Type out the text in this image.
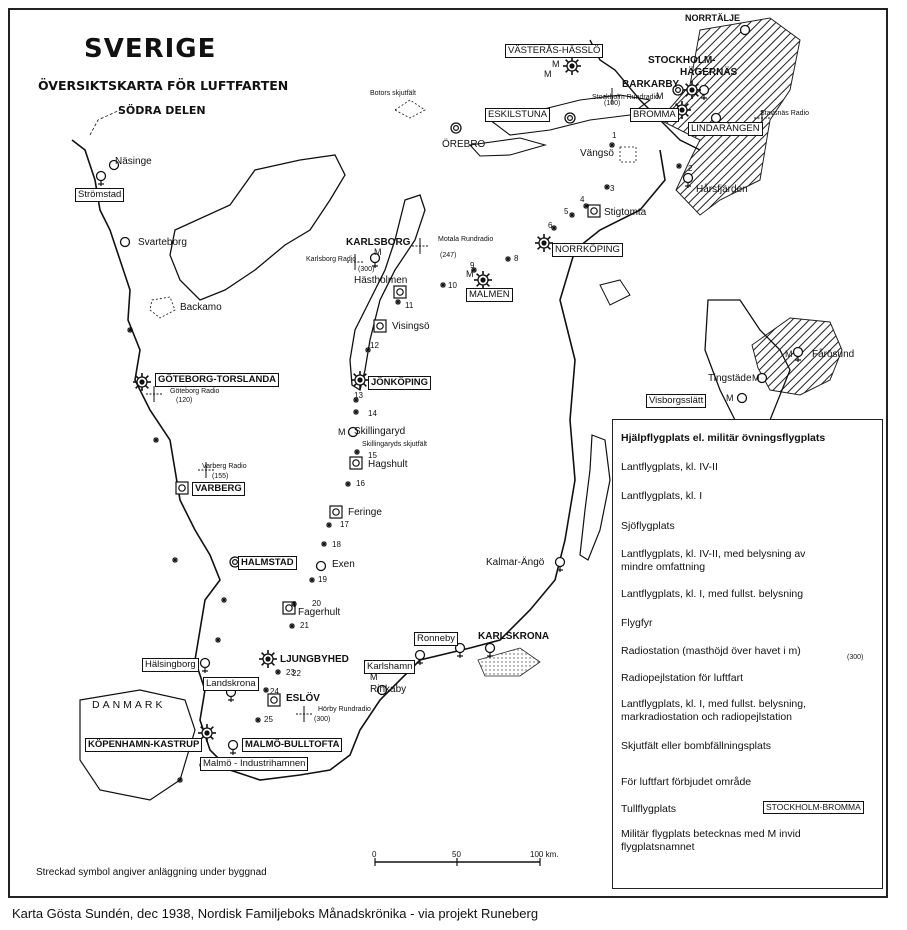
SVERIGE
ÖVERSIKTSKARTA FÖR LUFTFARTEN
SÖDRA DELEN
VÄSTERÅS-HÄSSLÖ
NORRTÄLJE
STOCKHOLM-
HÄGERNÄS
BARKARBY
Stockholm Rundradio
BROMMA	Stavsnäs Radio
LINDARÄNGEN
ESKILSTUNA
ÖREBRO
Botors skjutfält
Vängsö
Hårsfjärden
Stigtomta
NORRKÖPING
Motala Rundradio
(247)
KARLSBORG
Karlsborg Radio
(300)
Hästholmen
MALMEN
Näsinge
Strömstad
Svarteborg
Backamo
Visingsö
GÖTEBORG-TORSLANDA
Göteborg Radio
(120)
JÖNKÖPING
Fårösund
Tingstäde
Visborgsslätt
Skillingaryd
Skillingaryds skjutfält
Hagshult
Varberg Radio
(155)
VARBERG
Feringe
HALMSTAD	Exen	Kalmar-Ängö
Fagerhult
Ronneby	KARLSKRONA
Hälsingborg	LJUNGBYHED
Karlshamn
Rinkaby
DANMARK
Landskrona
ESLÖV
Hörby Rundradio
(300)
KÖPENHAMN-KASTRUP	MALMÖ-BULLTOFTA
Malmö - Industrihamnen
(100)
M
M
M
M
M
M
M
M
M
M
1
2
3
4
5
6
8
9
10
11
12
13
14
15
16
17
18
19
20
21
22
23
24
25
Hjälpflygplats el. militär övningsflygplats
Lantflygplats, kl. IV-II
Lantflygplats, kl. I
Sjöflygplats
Lantflygplats, kl. IV-II, med belysning av mindre omfattning
Lantflygplats, kl. I, med fullst. belysning
Flygfyr
Radiostation (masthöjd över havet i m)
Radiopejlstation för luftfart
Lantflygplats, kl. I, med fullst. belysning, markradiostation och radiopejlstation
Skjutfält eller bombfällningsplats
För luftfart förbjudet område
Tullflygplats	STOCKHOLM-BROMMA
Militär flygplats betecknas med M invid flygplatsnamnet
(300)
Streckad symbol angiver anläggning under byggnad
0	50	100 km.
Karta Gösta Sundén, dec 1938, Nordisk Familjeboks Månadskrönika - via projekt Runeberg
